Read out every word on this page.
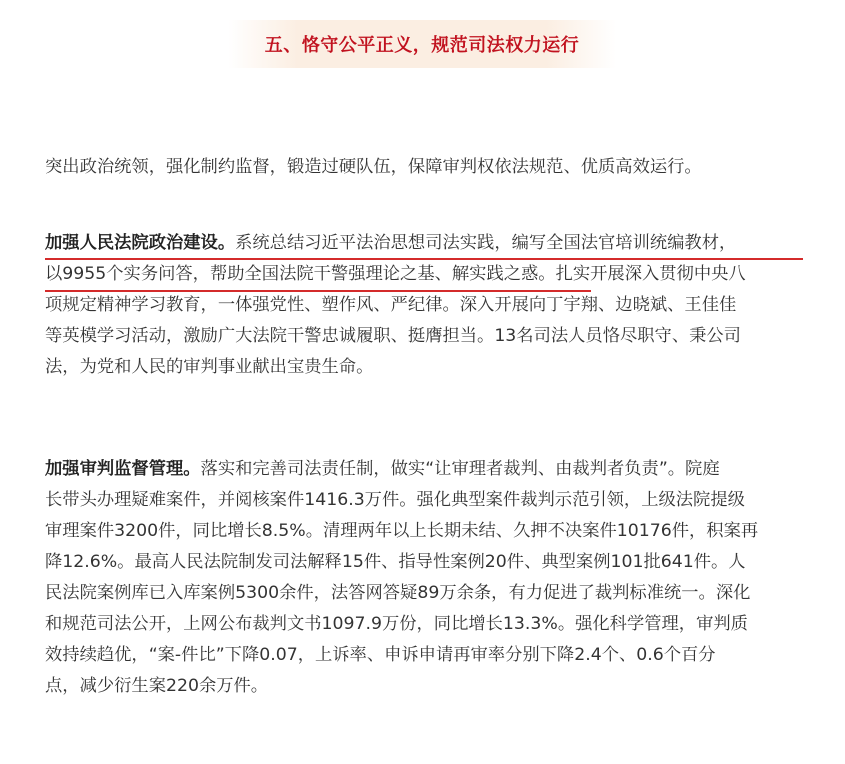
五、恪守公平正义，规范司法权力运行

突出政治统领，强化制约监督，锻造过硬队伍，保障审判权依法规范、优质高效运行。

加强人民法院政治建设。系统总结习近平法治思想司法实践，编写全国法官培训统编教材，
以9955个实务问答，帮助全国法院干警强理论之基、解实践之惑。扎实开展深入贯彻中央八
项规定精神学习教育，一体强党性、塑作风、严纪律。深入开展向丁宇翔、边晓斌、王佳佳
等英模学习活动，激励广大法院干警忠诚履职、挺膺担当。13名司法人员恪尽职守、秉公司
法，为党和人民的审判事业献出宝贵生命。
加强审判监督管理。落实和完善司法责任制，做实“让审理者裁判、由裁判者负责”。院庭
长带头办理疑难案件，并阅核案件1416.3万件。强化典型案件裁判示范引领，上级法院提级
审理案件3200件，同比增长8.5%。清理两年以上长期未结、久押不决案件10176件，积案再
降12.6%。最高人民法院制发司法解释15件、指导性案例20件、典型案例101批641件。人
民法院案例库已入库案例5300余件，法答网答疑89万余条，有力促进了裁判标准统一。深化
和规范司法公开，上网公布裁判文书1097.9万份，同比增长13.3%。强化科学管理，审判质
效持续趋优，“案-件比”下降0.07，上诉率、申诉申请再审率分别下降2.4个、0.6个百分
点，减少衍生案220余万件。
